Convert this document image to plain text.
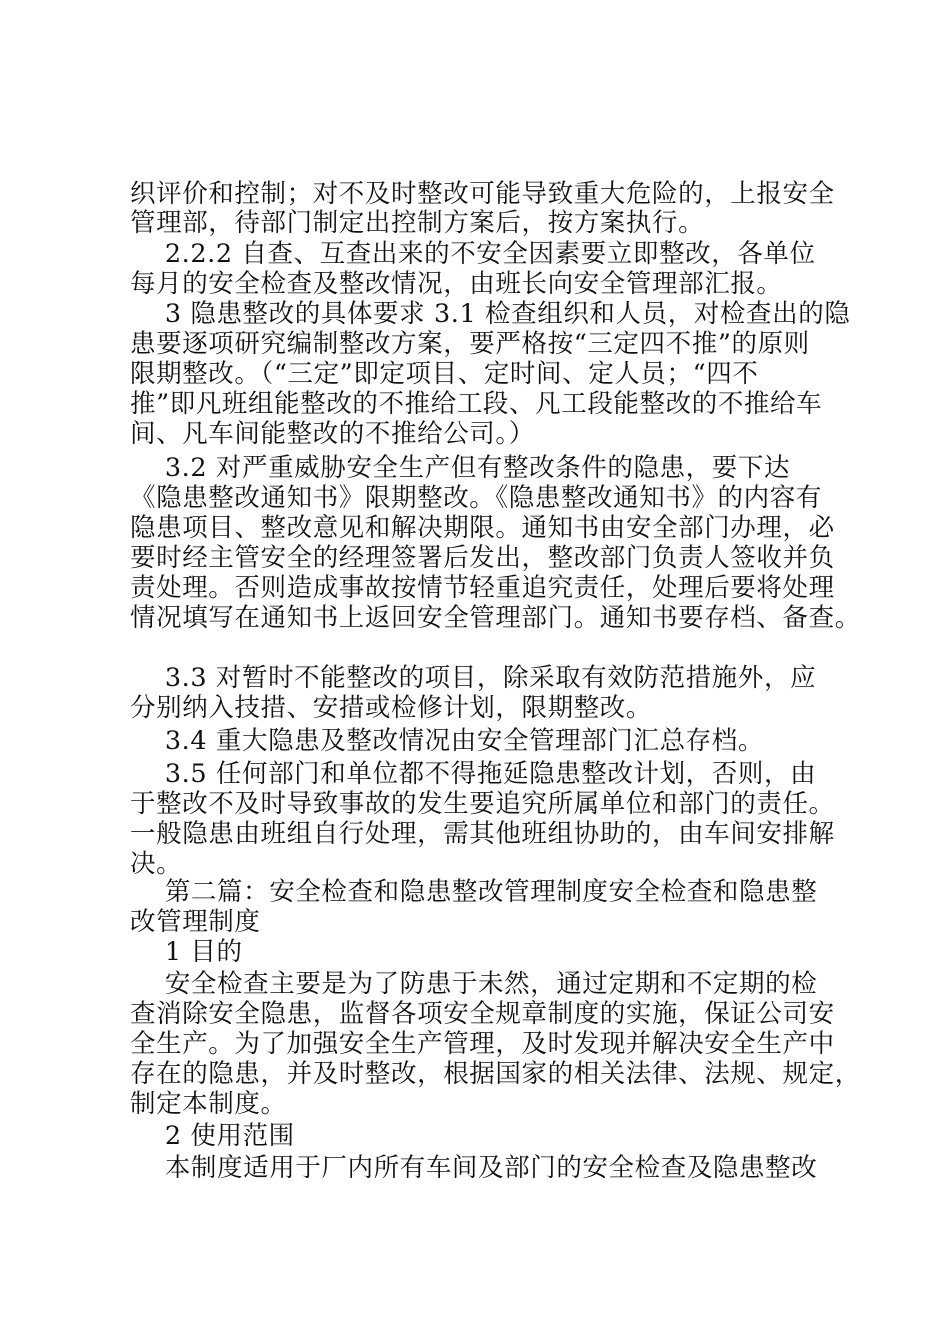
织评价和控制；对不及时整改可能导致重大危险的，上报安全
管理部，待部门制定出控制方案后，按方案执行。
2.2.2 自查、互查出来的不安全因素要立即整改，各单位
每月的安全检查及整改情况，由班长向安全管理部汇报。
3 隐患整改的具体要求 3.1 检查组织和人员，对检查出的隐
患要逐项研究编制整改方案，要严格按“三定四不推”的原则
限期整改。（“三定”即定项目、定时间、定人员；“四不
推”即凡班组能整改的不推给工段、凡工段能整改的不推给车
间、凡车间能整改的不推给公司。）
3.2 对严重威胁安全生产但有整改条件的隐患，要下达
《隐患整改通知书》限期整改。《隐患整改通知书》的内容有
隐患项目、整改意见和解决期限。通知书由安全部门办理，必
要时经主管安全的经理签署后发出，整改部门负责人签收并负
责处理。否则造成事故按情节轻重追究责任，处理后要将处理
情况填写在通知书上返回安全管理部门。通知书要存档、备查。
3.3 对暂时不能整改的项目，除采取有效防范措施外，应
分别纳入技措、安措或检修计划，限期整改。
3.4 重大隐患及整改情况由安全管理部门汇总存档。
3.5 任何部门和单位都不得拖延隐患整改计划，否则，由
于整改不及时导致事故的发生要追究所属单位和部门的责任。
一般隐患由班组自行处理，需其他班组协助的，由车间安排解
决。
第二篇：安全检查和隐患整改管理制度安全检查和隐患整
改管理制度
1 目的
安全检查主要是为了防患于未然，通过定期和不定期的检
查消除安全隐患，监督各项安全规章制度的实施，保证公司安
全生产。为了加强安全生产管理，及时发现并解决安全生产中
存在的隐患，并及时整改，根据国家的相关法律、法规、规定，
制定本制度。
2 使用范围
本制度适用于厂内所有车间及部门的安全检查及隐患整改
